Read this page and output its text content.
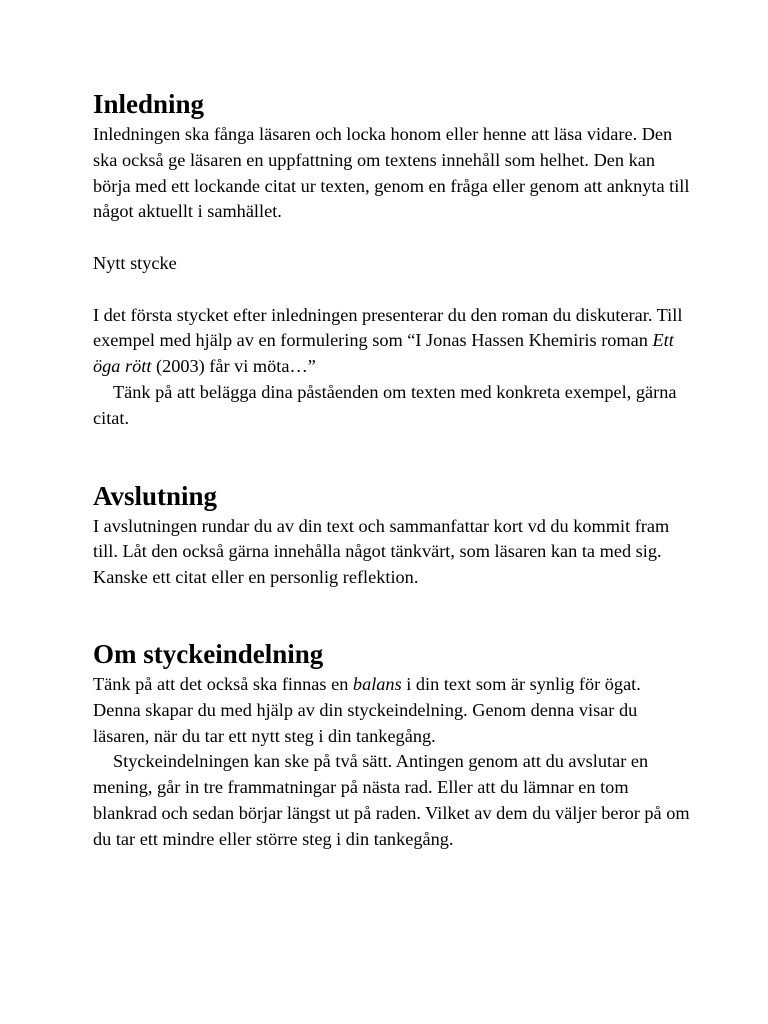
Inledning

Inledningen ska fånga läsaren och locka honom eller henne att läsa vidare. Den ska också ge läsaren en uppfattning om textens innehåll som helhet. Den kan börja med ett lockande citat ur texten, genom en fråga eller genom att anknyta till något aktuellt i samhället.

Nytt stycke

I det första stycket efter inledningen presenterar du den roman du diskuterar. Till exempel med hjälp av en formulering som “I Jonas Hassen Khemiris roman Ett öga rött (2003) får vi möta…”

Tänk på att belägga dina påståenden om texten med konkreta exempel, gärna citat.

Avslutning

I avslutningen rundar du av din text och sammanfattar kort vd du kommit fram till. Låt den också gärna innehålla något tänkvärt, som läsaren kan ta med sig. Kanske ett citat eller en personlig reflektion.

Om styckeindelning

Tänk på att det också ska finnas en balans i din text som är synlig för ögat. Denna skapar du med hjälp av din styckeindelning. Genom denna visar du läsaren, när du tar ett nytt steg i din tankegång.

Styckeindelningen kan ske på två sätt. Antingen genom att du avslutar en mening, går in tre frammatningar på nästa rad. Eller att du lämnar en tom blankrad och sedan börjar längst ut på raden. Vilket av dem du väljer beror på om du tar ett mindre eller större steg i din tankegång.
